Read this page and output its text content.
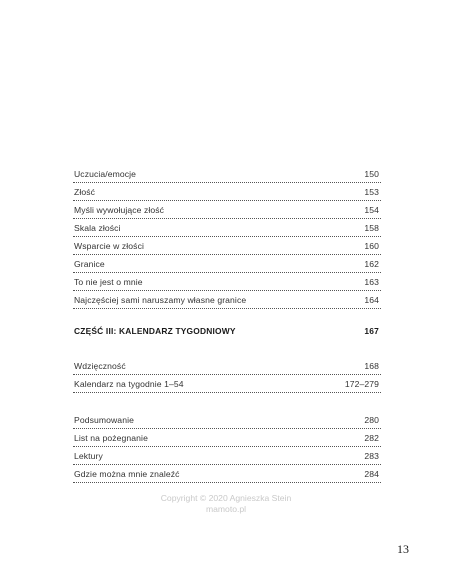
Uczucia/emocje	150
Złość	153
Myśli wywołujące złość	154
Skala złości	158
Wsparcie w złości	160
Granice	162
To nie jest o mnie	163
Najczęściej sami naruszamy własne granice	164
CZĘŚĆ III: KALENDARZ TYGODNIOWY	167
Wdzięczność	168
Kalendarz na tygodnie 1–54	172–279
Podsumowanie	280
List na pożegnanie	282
Lektury	283
Gdzie można mnie znaleźć	284
Copyright © 2020 Agnieszka Stein
mamoto.pl
13
